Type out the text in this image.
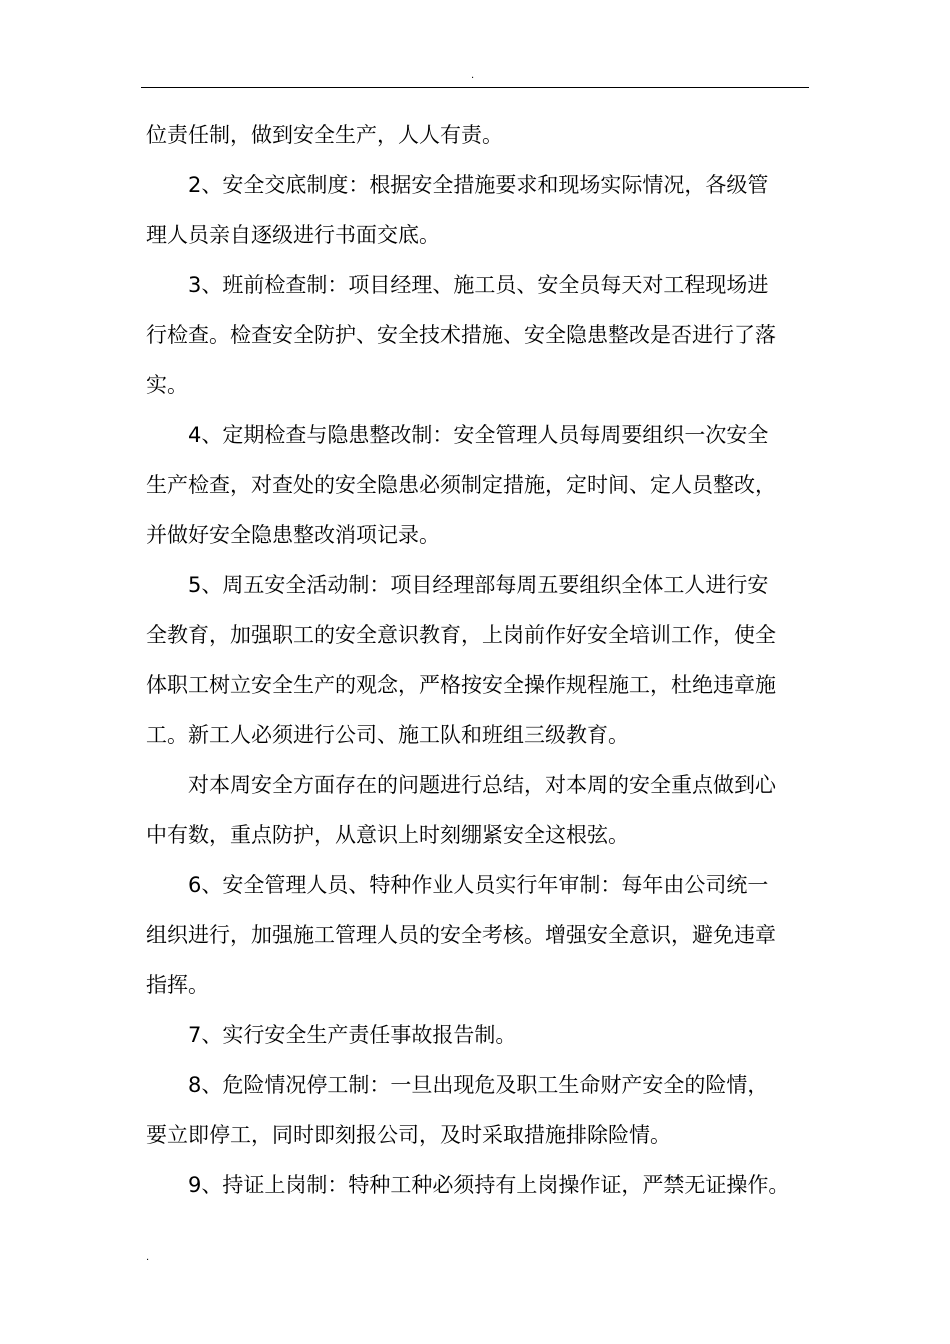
.
位责任制，做到安全生产，人人有责。
2、安全交底制度：根据安全措施要求和现场实际情况，各级管
理人员亲自逐级进行书面交底。
3、班前检查制：项目经理、施工员、安全员每天对工程现场进
行检查。检查安全防护、安全技术措施、安全隐患整改是否进行了落
实。
4、定期检查与隐患整改制：安全管理人员每周要组织一次安全
生产检查，对查处的安全隐患必须制定措施，定时间、定人员整改，
并做好安全隐患整改消项记录。
5、周五安全活动制：项目经理部每周五要组织全体工人进行安
全教育，加强职工的安全意识教育，上岗前作好安全培训工作，使全
体职工树立安全生产的观念，严格按安全操作规程施工，杜绝违章施
工。新工人必须进行公司、施工队和班组三级教育。
对本周安全方面存在的问题进行总结，对本周的安全重点做到心
中有数，重点防护，从意识上时刻绷紧安全这根弦。
6、安全管理人员、特种作业人员实行年审制：每年由公司统一
组织进行，加强施工管理人员的安全考核。增强安全意识，避免违章
指挥。
7、实行安全生产责任事故报告制。
8、危险情况停工制：一旦出现危及职工生命财产安全的险情，
要立即停工，同时即刻报公司，及时采取措施排除险情。
9、持证上岗制：特种工种必须持有上岗操作证，严禁无证操作。
.
